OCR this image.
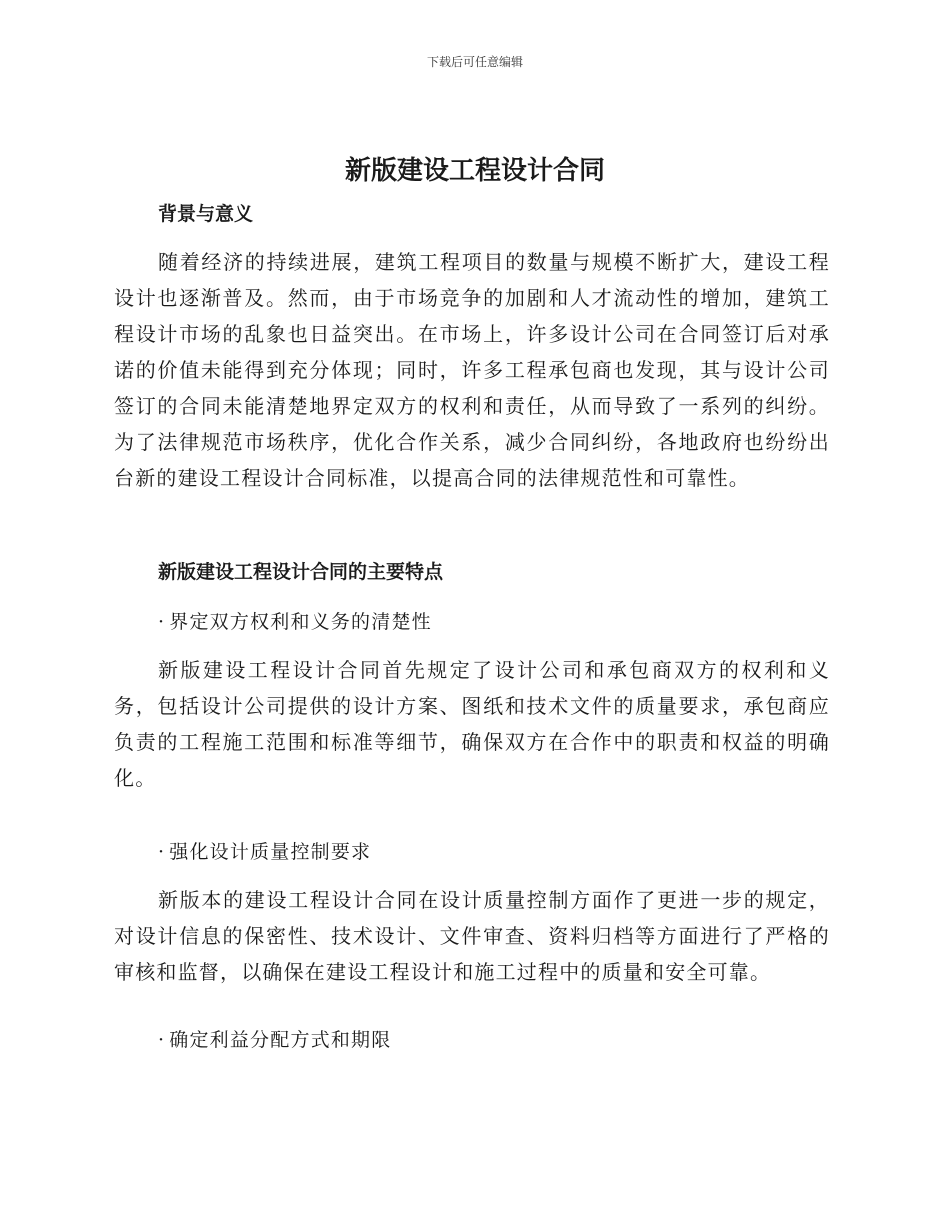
下载后可任意编辑
新版建设工程设计合同
背景与意义

随着经济的持续进展，建筑工程项目的数量与规模不断扩大，建设工程设计也逐渐普及。然而，由于市场竞争的加剧和人才流动性的增加，建筑工程设计市场的乱象也日益突出。在市场上，许多设计公司在合同签订后对承诺的价值未能得到充分体现；同时，许多工程承包商也发现，其与设计公司签订的合同未能清楚地界定双方的权利和责任，从而导致了一系列的纠纷。为了法律规范市场秩序，优化合作关系，减少合同纠纷，各地政府也纷纷出台新的建设工程设计合同标准，以提高合同的法律规范性和可靠性。

新版建设工程设计合同的主要特点
· 界定双方权利和义务的清楚性

新版建设工程设计合同首先规定了设计公司和承包商双方的权利和义务，包括设计公司提供的设计方案、图纸和技术文件的质量要求，承包商应负责的工程施工范围和标准等细节，确保双方在合作中的职责和权益的明确化。

· 强化设计质量控制要求

新版本的建设工程设计合同在设计质量控制方面作了更进一步的规定，对设计信息的保密性、技术设计、文件审查、资料归档等方面进行了严格的审核和监督，以确保在建设工程设计和施工过程中的质量和安全可靠。

· 确定利益分配方式和期限
